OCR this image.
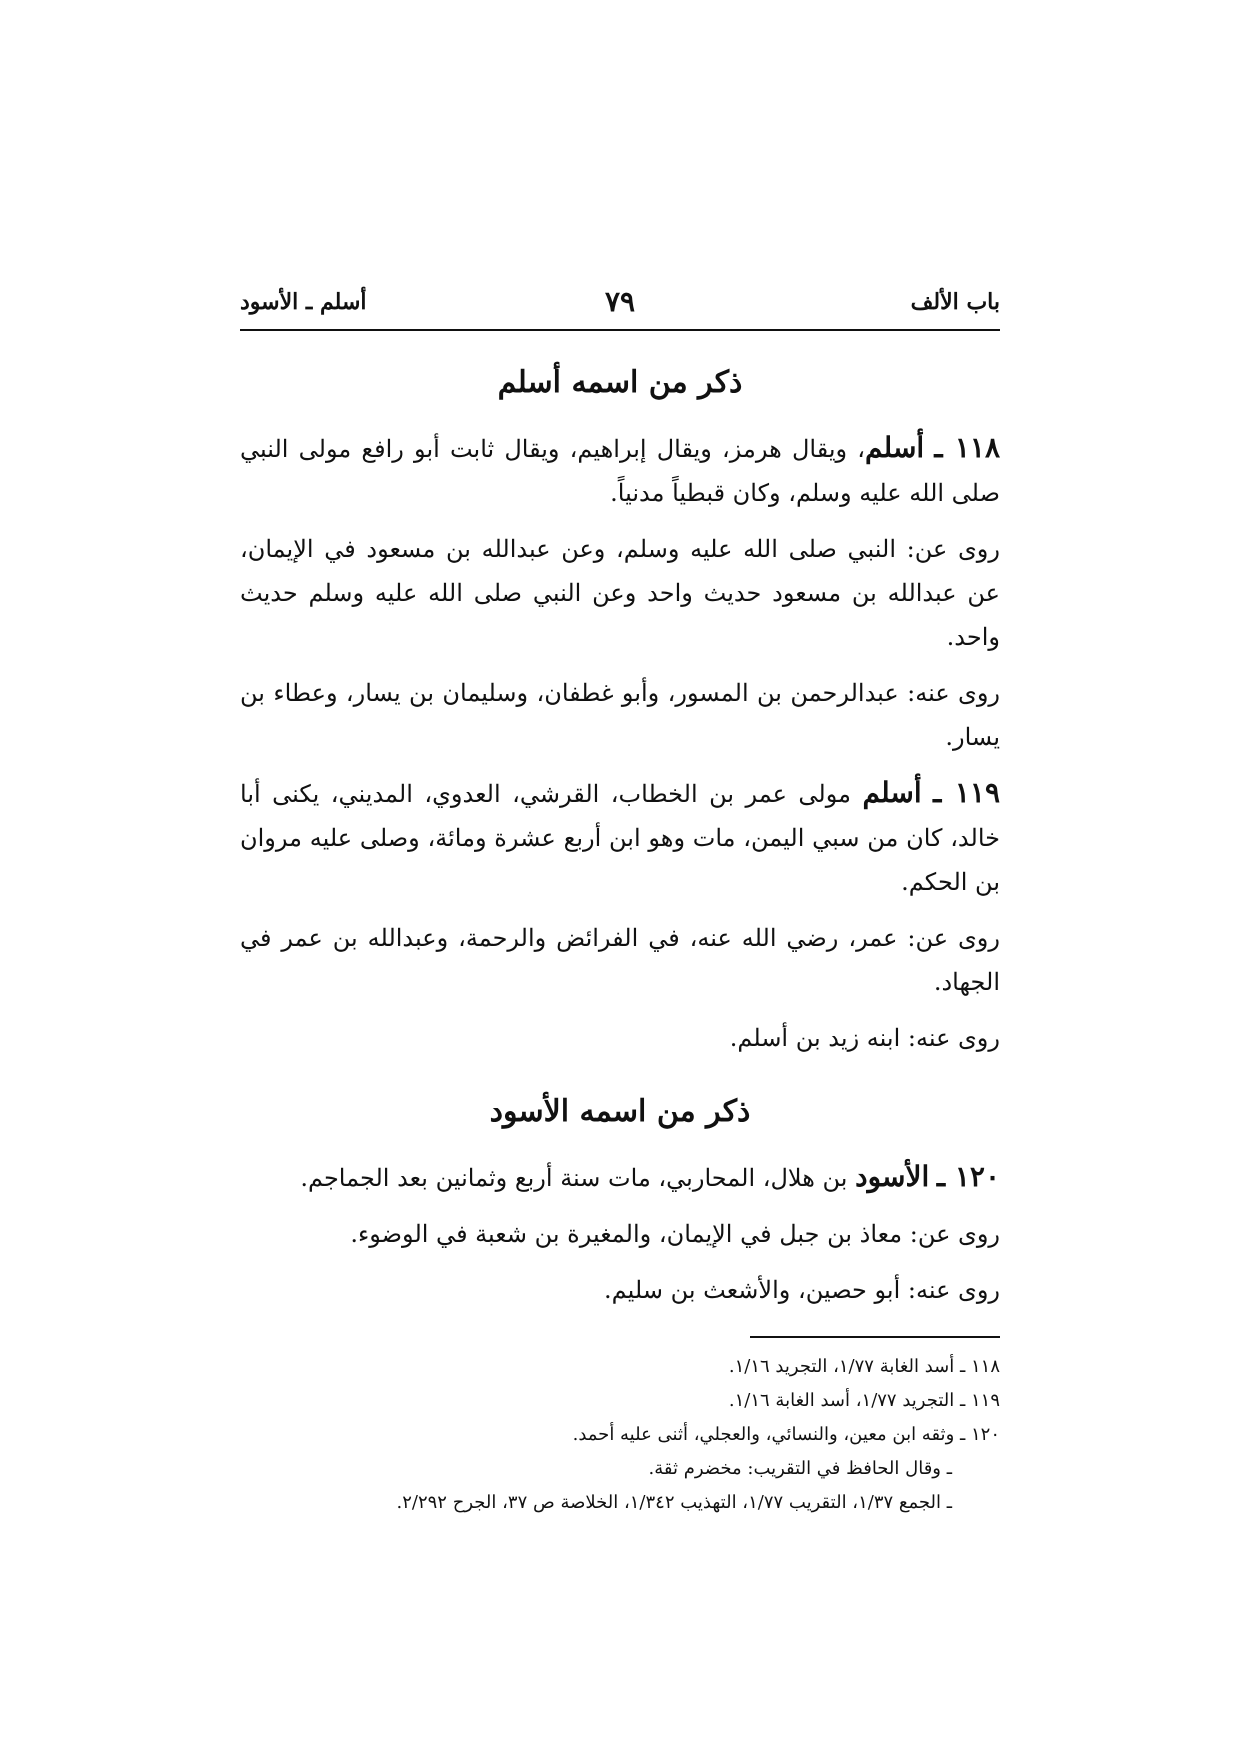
باب الألف
٧٩
أسلم ـ الأسود
ذكر من اسمه أسلم

١١٨ ـ أسلم، ويقال هرمز، ويقال إبراهيم، ويقال ثابت أبو رافع مولى النبي صلى الله عليه وسلم، وكان قبطياً مدنياً.

روى عن: النبي صلى الله عليه وسلم، وعن عبدالله بن مسعود في الإيمان، عن عبدالله بن مسعود حديث واحد وعن النبي صلى الله عليه وسلم حديث واحد.

روى عنه: عبدالرحمن بن المسور، وأبو غطفان، وسليمان بن يسار، وعطاء بن يسار.

١١٩ ـ أسلم مولى عمر بن الخطاب، القرشي، العدوي، المديني، يكنى أبا خالد، كان من سبي اليمن، مات وهو ابن أربع عشرة ومائة، وصلى عليه مروان بن الحكم.

روى عن: عمر، رضي الله عنه، في الفرائض والرحمة، وعبدالله بن عمر في الجهاد.

روى عنه: ابنه زيد بن أسلم.

ذكر من اسمه الأسود

١٢٠ ـ الأسود بن هلال، المحاربي، مات سنة أربع وثمانين بعد الجماجم.

روى عن: معاذ بن جبل في الإيمان، والمغيرة بن شعبة في الوضوء.

روى عنه: أبو حصين، والأشعث بن سليم.

١١٨ ـ أسد الغابة ١/٧٧، التجريد ١/١٦.

١١٩ ـ التجريد ١/٧٧، أسد الغابة ١/١٦.

١٢٠ ـ وثقه ابن معين، والنسائي، والعجلي، أثنى عليه أحمد.

ـ وقال الحافظ في التقريب: مخضرم ثقة.

ـ الجمع ١/٣٧، التقريب ١/٧٧، التهذيب ١/٣٤٢، الخلاصة ص ٣٧، الجرح ٢/٢٩٢.
